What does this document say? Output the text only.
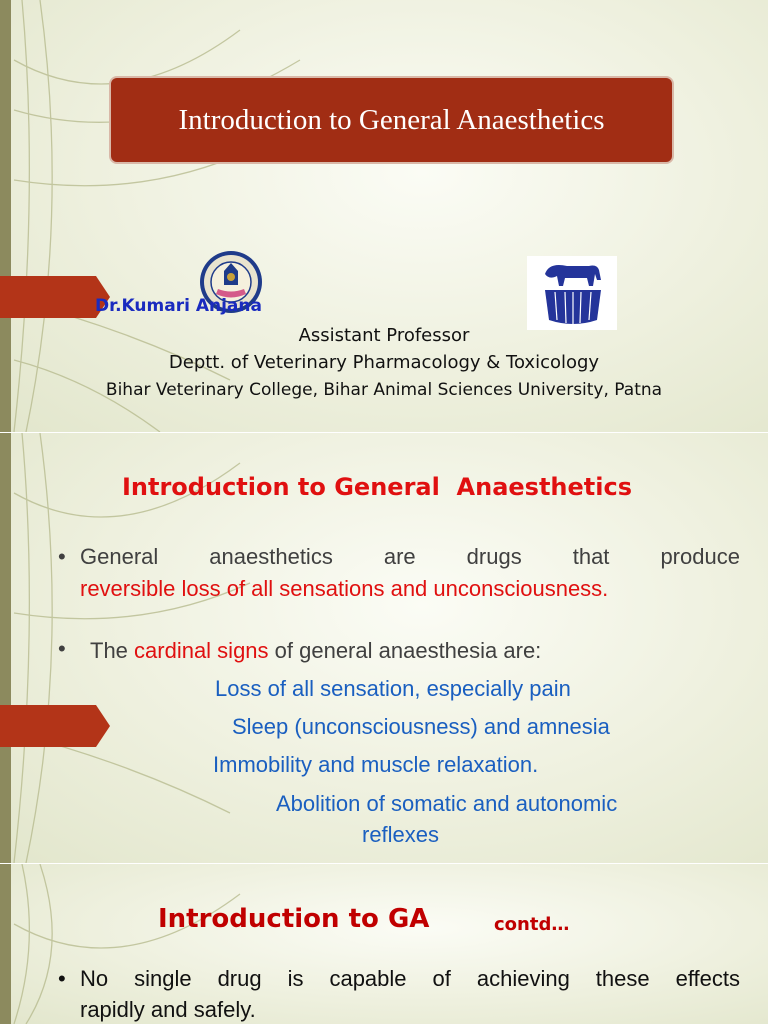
Introduction to General Anaesthetics
Dr.Kumari Anjana
Assistant Professor
Deptt. of Veterinary Pharmacology & Toxicology
Bihar Veterinary College, Bihar Animal Sciences University, Patna
Introduction to General  Anaesthetics
• General anaesthetics are drugs that produce
reversible loss of all sensations and unconsciousness.
• The cardinal signs of general anaesthesia are:
Loss of all sensation, especially pain
Sleep (unconsciousness) and amnesia
Immobility and muscle relaxation.
Abolition of somatic and autonomic
reflexes
Introduction to GA	contd…
• No single drug is capable of achieving these effects
rapidly and safely.
